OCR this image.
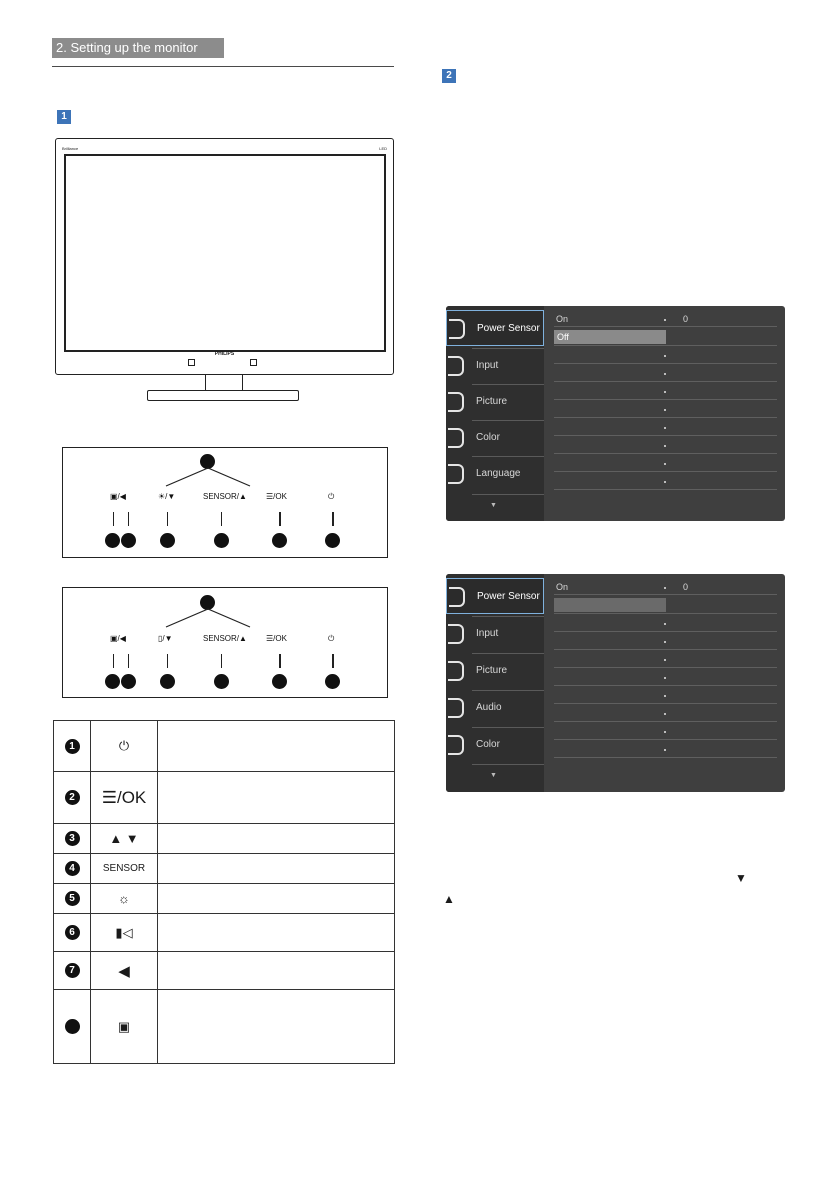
2. Setting up the monitor
1
2
Brilliance	LED
PHILIPS
▣/◀	☀/▼	SENSOR/▲ ☰/OK	⏻
▣/◀	▯/▼	SENSOR/▲ ☰/OK	⏻
1	⏻	

2	☰/OK	

3	▲ ▼	

4	SENSOR	

5	☼	

6	▮◁	

7	◀	

	▣	
Power Sensor
Input
Picture
Color
Language
▼
On	0
Off
Power Sensor
Input
Picture
Audio
Color
▼
On	0
▼
▲
